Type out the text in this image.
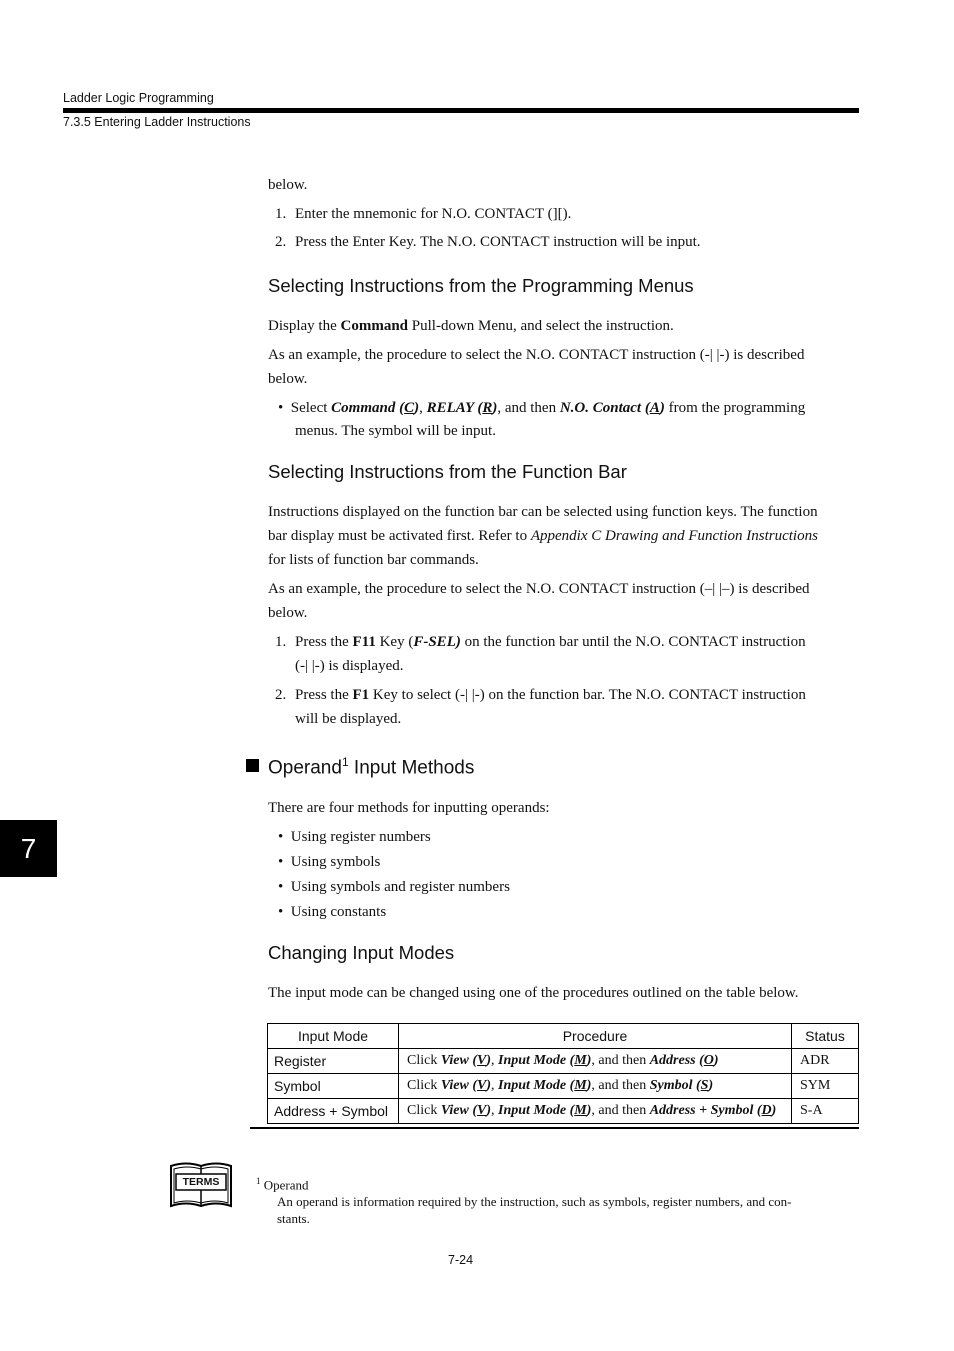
Ladder Logic Programming
7.3.5 Entering Ladder Instructions
below.
1. Enter the mnemonic for N.O. CONTACT (][).
2. Press the Enter Key. The N.O. CONTACT instruction will be input.
Selecting Instructions from the Programming Menus
Display the Command Pull-down Menu, and select the instruction.
As an example, the procedure to select the N.O. CONTACT instruction (-| |-) is described
below.
• Select Command (C), RELAY (R), and then N.O. Contact (A) from the programming
menus. The symbol will be input.
Selecting Instructions from the Function Bar
Instructions displayed on the function bar can be selected using function keys. The function
bar display must be activated first. Refer to Appendix C Drawing and Function Instructions
for lists of function bar commands.
As an example, the procedure to select the N.O. CONTACT instruction (–| |–) is described
below.
1. Press the F11 Key (F-SEL) on the function bar until the N.O. CONTACT instruction
(-| |-) is displayed.
2. Press the F1 Key to select (-| |-) on the function bar. The N.O. CONTACT instruction
will be displayed.
Operand$^1$ Input Methods
There are four methods for inputting operands:
•  Using register numbers
•  Using symbols
•  Using symbols and register numbers
•  Using constants
7
Changing Input Modes
The input mode can be changed using one of the procedures outlined on the table below.
Input Mode	Procedure	Status
Register	Click View (V), Input Mode (M), and then Address (O)	ADR
Symbol	Click View (V), Input Mode (M), and then Symbol (S)	SYM
Address + Symbol	Click View (V), Input Mode (M), and then Address + Symbol (D)	S-A
TERMS	$^1$ Operand
An operand is information required by the instruction, such as symbols, register numbers, and con-
stants.
7-24
